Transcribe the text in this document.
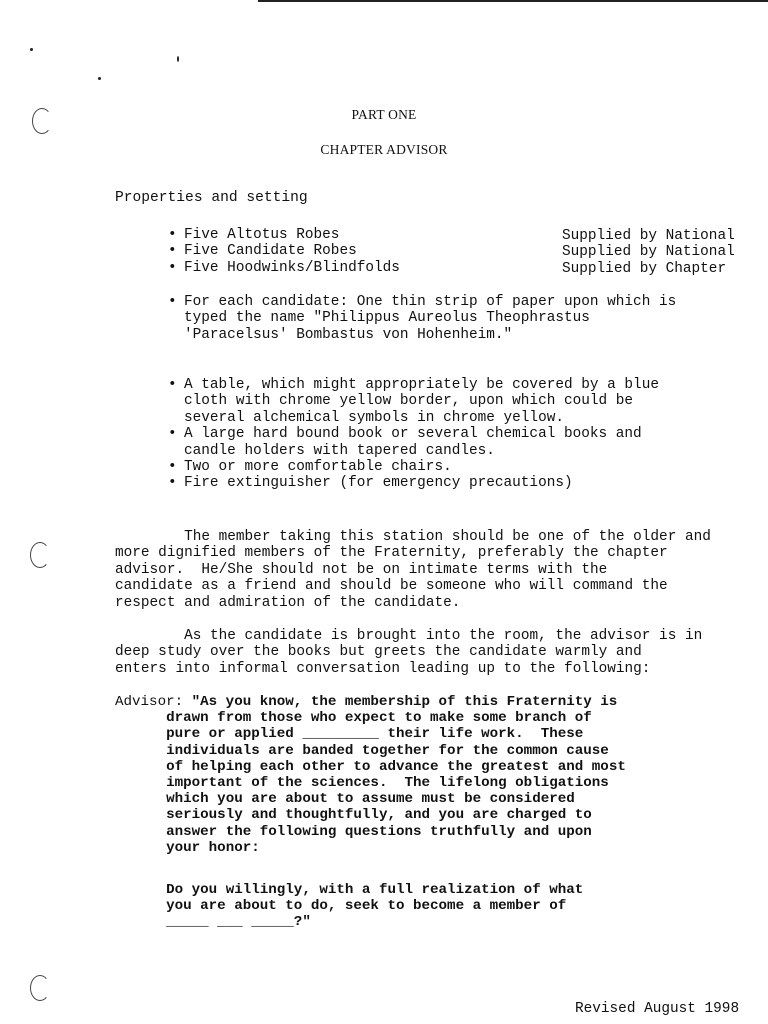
PART ONE
CHAPTER ADVISOR
Properties and setting
• Five Altotus Robes
• Five Candidate Robes
• Five Hoodwinks/Blindfolds
Supplied by National
Supplied by National
Supplied by Chapter
• For each candidate: One thin strip of paper upon which is
typed the name "Philippus Aureolus Theophrastus
'Paracelsus' Bombastus von Hohenheim."
• A table, which might appropriately be covered by a blue
cloth with chrome yellow border, upon which could be
several alchemical symbols in chrome yellow.
• A large hard bound book or several chemical books and
candle holders with tapered candles.
• Two or more comfortable chairs.
• Fire extinguisher (for emergency precautions)

The member taking this station should be one of the older and
more dignified members of the Fraternity, preferably the chapter
advisor.  He/She should not be on intimate terms with the
candidate as a friend and should be someone who will command the
respect and admiration of the candidate.

As the candidate is brought into the room, the advisor is in
deep study over the books but greets the candidate warmly and
enters into informal conversation leading up to the following:

Advisor: "As you know, the membership of this Fraternity is
drawn from those who expect to make some branch of
pure or applied _________ their life work.  These
individuals are banded together for the common cause
of helping each other to advance the greatest and most
important of the sciences.  The lifelong obligations
which you are about to assume must be considered
seriously and thoughtfully, and you are charged to
answer the following questions truthfully and upon
your honor:

Do you willingly, with a full realization of what
you are about to do, seek to become a member of
_____ ___ _____?"

Revised August 1998
